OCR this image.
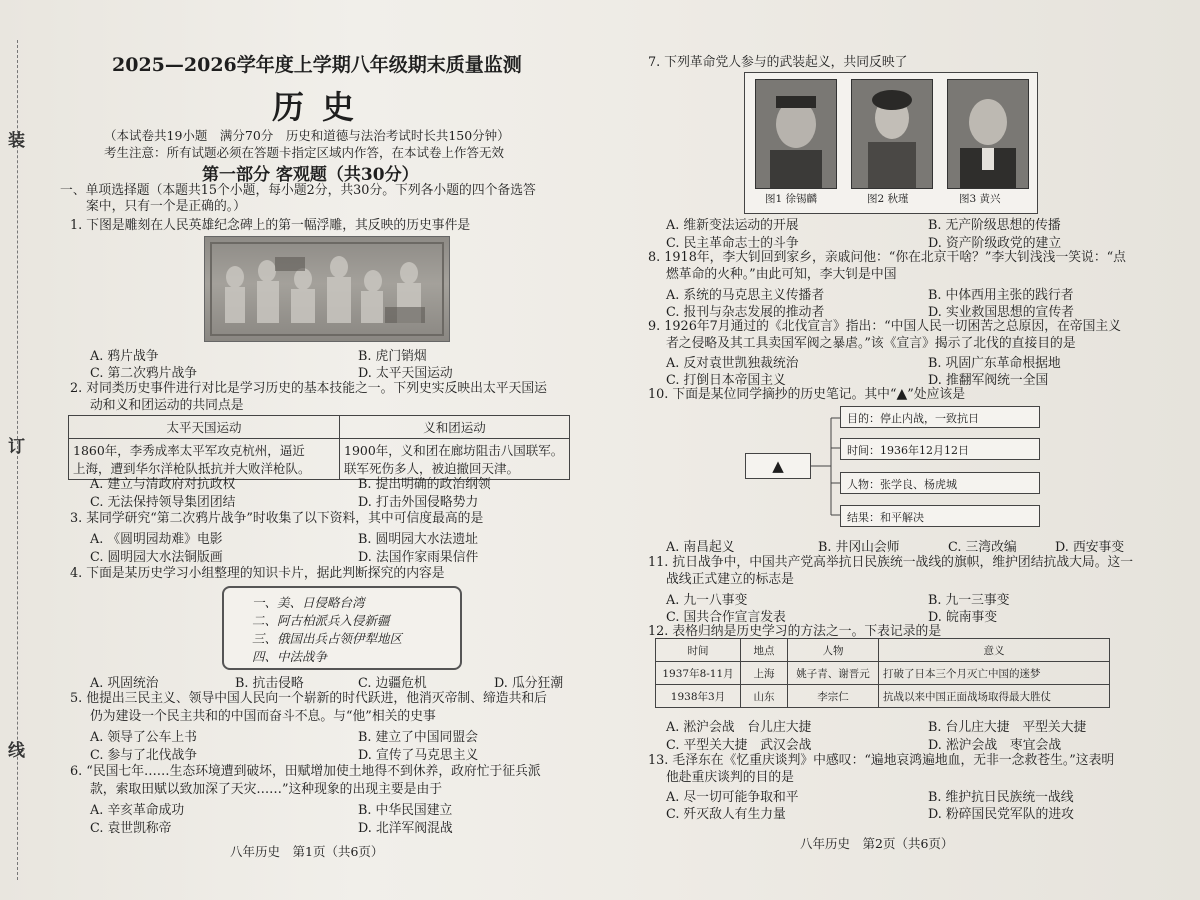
装
订
线
2025—2026学年度上学期八年级期末质量监测
历史
（本试卷共19小题　满分70分　历史和道德与法治考试时长共150分钟）
考生注意：所有试题必须在答题卡指定区域内作答，在本试卷上作答无效
第一部分 客观题（共30分）
一、单项选择题（本题共15个小题，每小题2分，共30分。下列各小题的四个备选答
案中，只有一个是正确的。）
1. 下图是雕刻在人民英雄纪念碑上的第一幅浮雕，其反映的历史事件是
A. 鸦片战争	B. 虎门销烟
C. 第二次鸦片战争	D. 太平天国运动
2. 对同类历史事件进行对比是学习历史的基本技能之一。下列史实反映出太平天国运
动和义和团运动的共同点是
太平天国运动	义和团运动
1860年，李秀成率太平军攻克杭州，逼近
上海，遭到华尔洋枪队抵抗并大败洋枪队。	1900年，义和团在廊坊阻击八国联军。
联军死伤多人，被迫撤回天津。
A. 建立与清政府对抗政权	B. 提出明确的政治纲领
C. 无法保持领导集团团结	D. 打击外国侵略势力
3. 某同学研究“第二次鸦片战争”时收集了以下资料，其中可信度最高的是
A. 《圆明园劫难》电影	B. 圆明园大水法遗址
C. 圆明园大水法铜版画	D. 法国作家雨果信件
4. 下面是某历史学习小组整理的知识卡片，据此判断探究的内容是
一、美、日侵略台湾
二、阿古柏派兵入侵新疆
三、俄国出兵占领伊犁地区
四、中法战争
A. 巩固统治	B. 抗击侵略	C. 边疆危机	D. 瓜分狂潮
5. 他提出三民主义、领导中国人民向一个崭新的时代跃进，他消灭帝制、缔造共和后
仍为建设一个民主共和的中国而奋斗不息。与“他”相关的史事
A. 领导了公车上书	B. 建立了中国同盟会
C. 参与了北伐战争	D. 宣传了马克思主义
6. “民国七年……生态环境遭到破坏，田赋增加使土地得不到休养，政府忙于征兵派
款，索取田赋以致加深了天灾……”这种现象的出现主要是由于
A. 辛亥革命成功	B. 中华民国建立
C. 袁世凯称帝	D. 北洋军阀混战
八年历史　第1页（共6页）
7. 下列革命党人参与的武装起义，共同反映了
图1 徐锡麟	图2 秋瑾	图3 黄兴
A. 维新变法运动的开展	B. 无产阶级思想的传播
C. 民主革命志士的斗争	D. 资产阶级政党的建立
8. 1918年，李大钊回到家乡，亲戚问他：“你在北京干啥？”李大钊浅浅一笑说：“点
燃革命的火种。”由此可知，李大钊是中国
A. 系统的马克思主义传播者	B. 中体西用主张的践行者
C. 报刊与杂志发展的推动者	D. 实业救国思想的宣传者
9. 1926年7月通过的《北伐宣言》指出：“中国人民一切困苦之总原因，在帝国主义
者之侵略及其工具卖国军阀之暴虐。”该《宣言》揭示了北伐的直接目的是
A. 反对袁世凯独裁统治	B. 巩固广东革命根据地
C. 打倒日本帝国主义	D. 推翻军阀统一全国
10. 下面是某位同学摘抄的历史笔记。其中“▲”处应该是
▲
目的：停止内战，一致抗日
时间：1936年12月12日
人物：张学良、杨虎城
结果：和平解决
A. 南昌起义	B. 井冈山会师	C. 三湾改编	D. 西安事变
11. 抗日战争中，中国共产党高举抗日民族统一战线的旗帜，维护团结抗战大局。这一
战线正式建立的标志是
A. 九一八事变	B. 九一三事变
C. 国共合作宣言发表	D. 皖南事变
12. 表格归纳是历史学习的方法之一。下表记录的是
时间	地点	人物	意义
1937年8-11月	上海	姚子青、谢晋元	打破了日本三个月灭亡中国的迷梦
1938年3月	山东	李宗仁	抗战以来中国正面战场取得最大胜仗
A. 淞沪会战　台儿庄大捷	B. 台儿庄大捷　平型关大捷
C. 平型关大捷　武汉会战	D. 淞沪会战　枣宜会战
13. 毛泽东在《忆重庆谈判》中感叹：“遍地哀鸿遍地血，无非一念救苍生。”这表明
他赴重庆谈判的目的是
A. 尽一切可能争取和平	B. 维护抗日民族统一战线
C. 歼灭敌人有生力量	D. 粉碎国民党军队的进攻
八年历史　第2页（共6页）
